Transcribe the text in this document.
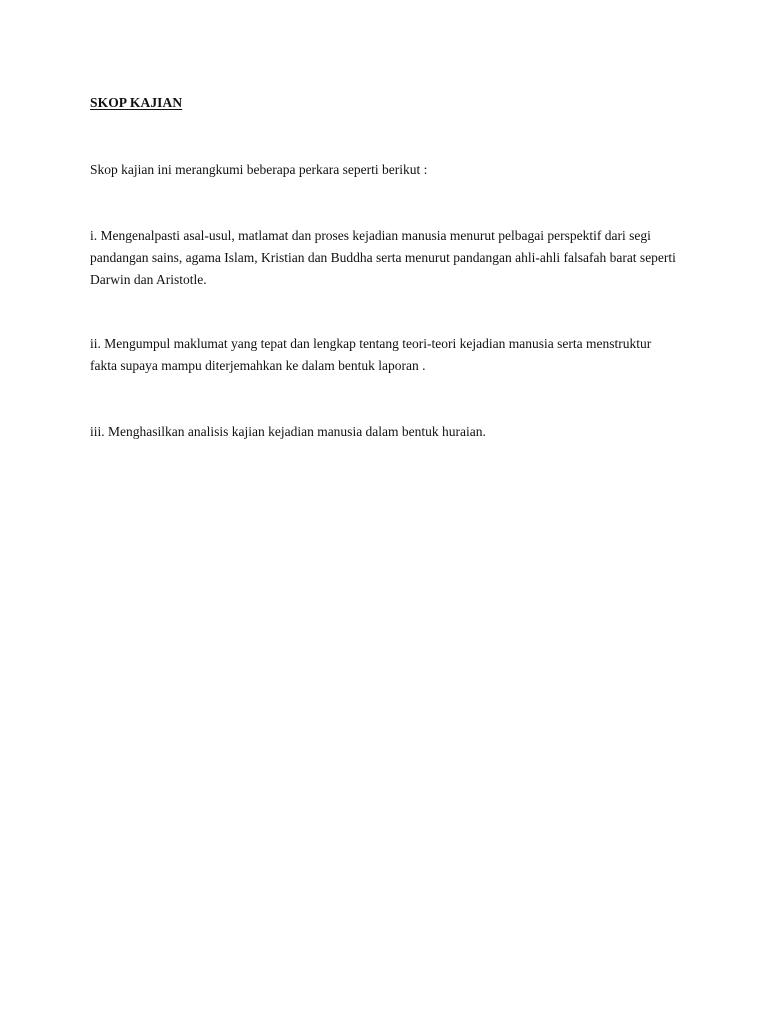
SKOP KAJIAN

Skop kajian ini merangkumi beberapa perkara seperti berikut :

i. Mengenalpasti asal-usul, matlamat dan proses kejadian manusia menurut pelbagai perspektif dari segi pandangan sains, agama Islam, Kristian dan Buddha serta menurut pandangan ahli-ahli falsafah barat seperti Darwin dan Aristotle.

ii. Mengumpul maklumat yang tepat dan lengkap tentang teori-teori kejadian manusia serta menstruktur fakta supaya mampu diterjemahkan ke dalam bentuk laporan .

iii. Menghasilkan analisis kajian kejadian manusia dalam bentuk huraian.
